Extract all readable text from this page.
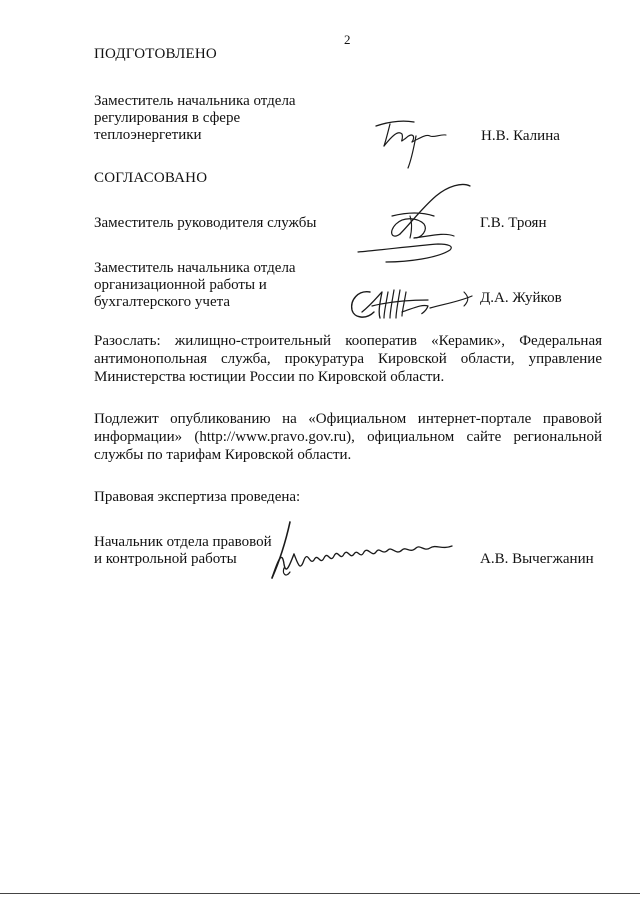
2
ПОДГОТОВЛЕНО
Заместитель начальника отдела
регулирования в сфере
теплоэнергетики	Н.В. Калина
СОГЛАСОВАНО
Заместитель руководителя службы	Г.В. Троян
Заместитель начальника отдела
организационной работы и
бухгалтерского учета	Д.А. Жуйков
Разослать: жилищно-строительный кооператив «Керамик», Федеральная антимонопольная служба, прокуратура Кировской области, управление Министерства юстиции России по Кировской области.
Подлежит опубликованию на «Официальном интернет-портале правовой информации» (http://www.pravo.gov.ru), официальном сайте региональной службы по тарифам Кировской области.
Правовая экспертиза проведена:
Начальник отдела правовой
и контрольной работы	А.В. Вычегжанин
